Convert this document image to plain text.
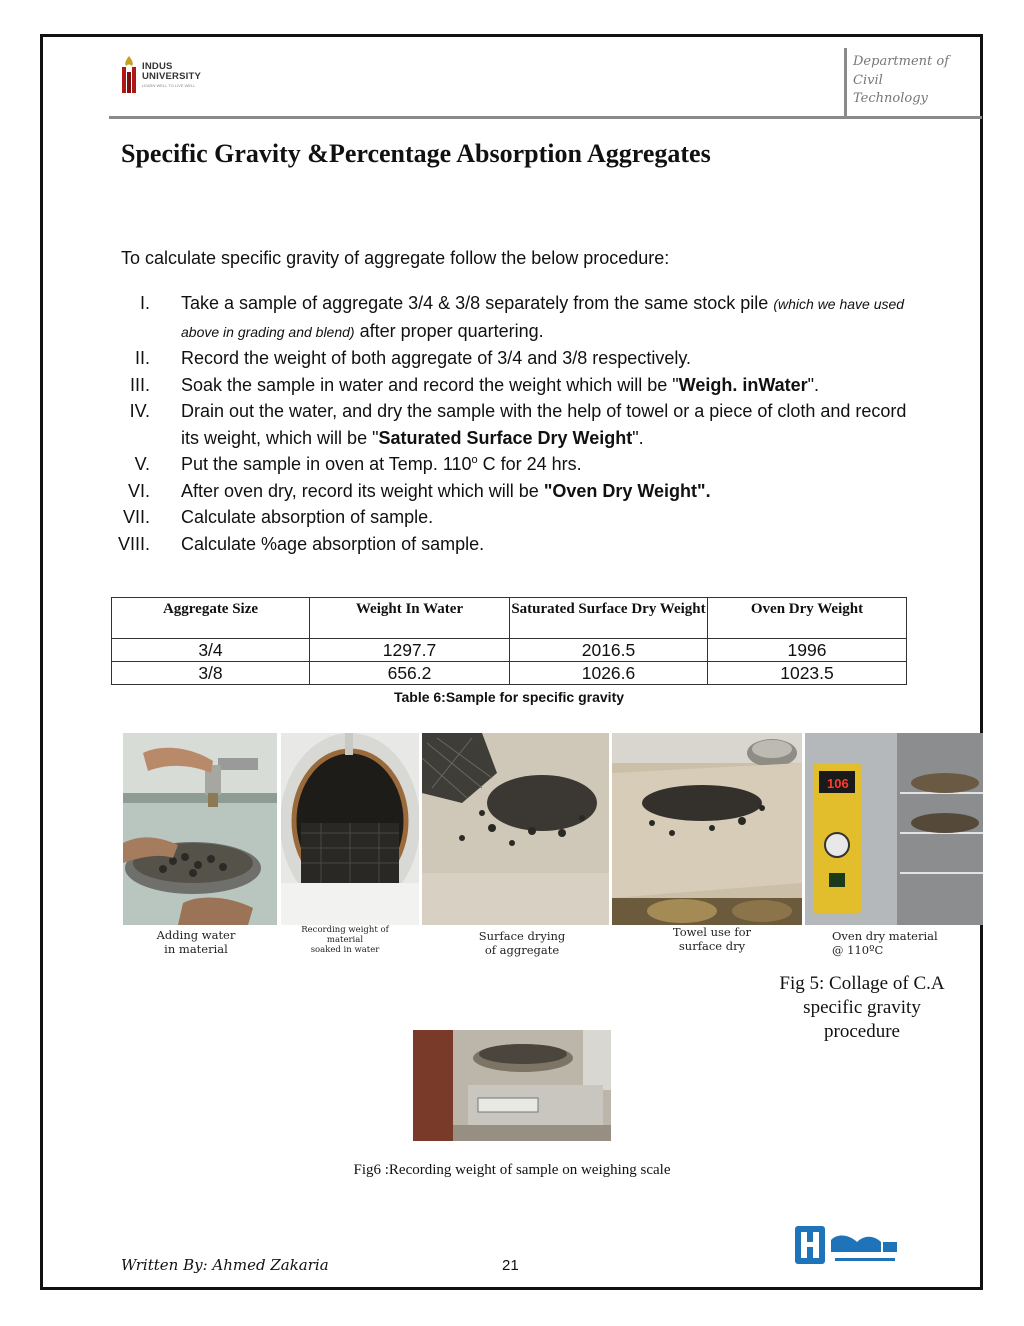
INDUS
UNIVERSITY
LEARN WELL TO LIVE WELL
Department of
Civil
Technology
Specific Gravity &Percentage Absorption Aggregates
To calculate specific gravity of aggregate follow the below procedure:
I. Take a sample of aggregate 3/4 & 3/8 separately from the same stock pile (which we have used above in grading and blend) after proper quartering.
II. Record the weight of both aggregate of 3/4 and 3/8 respectively.
III. Soak the sample in water and record the weight which will be "Weigh. inWater".
IV. Drain out the water, and dry the sample with the help of towel or a piece of cloth and record its weight, which will be "Saturated Surface Dry Weight".
V. Put the sample in oven at Temp. 110$^o$ C for 24 hrs.
VI. After oven dry, record its weight which will be "Oven Dry Weight".
VII. Calculate absorption of sample.
VIII. Calculate %age absorption of sample.
Aggregate Size	Weight In Water	Saturated Surface Dry Weight	Oven Dry Weight
3/4	1297.7	2016.5	1996
3/8	656.2	1026.6	1023.5
Table 6:Sample for specific gravity
106
Adding water
in material
Recording weight of
material
soaked in water
Surface drying
of aggregate
Towel use for
surface dry
Oven dry material
@ 110ºC
Fig 5: Collage of C.A specific gravity procedure
Fig6 :Recording weight of sample on weighing scale
Written By: Ahmed Zakaria	21
